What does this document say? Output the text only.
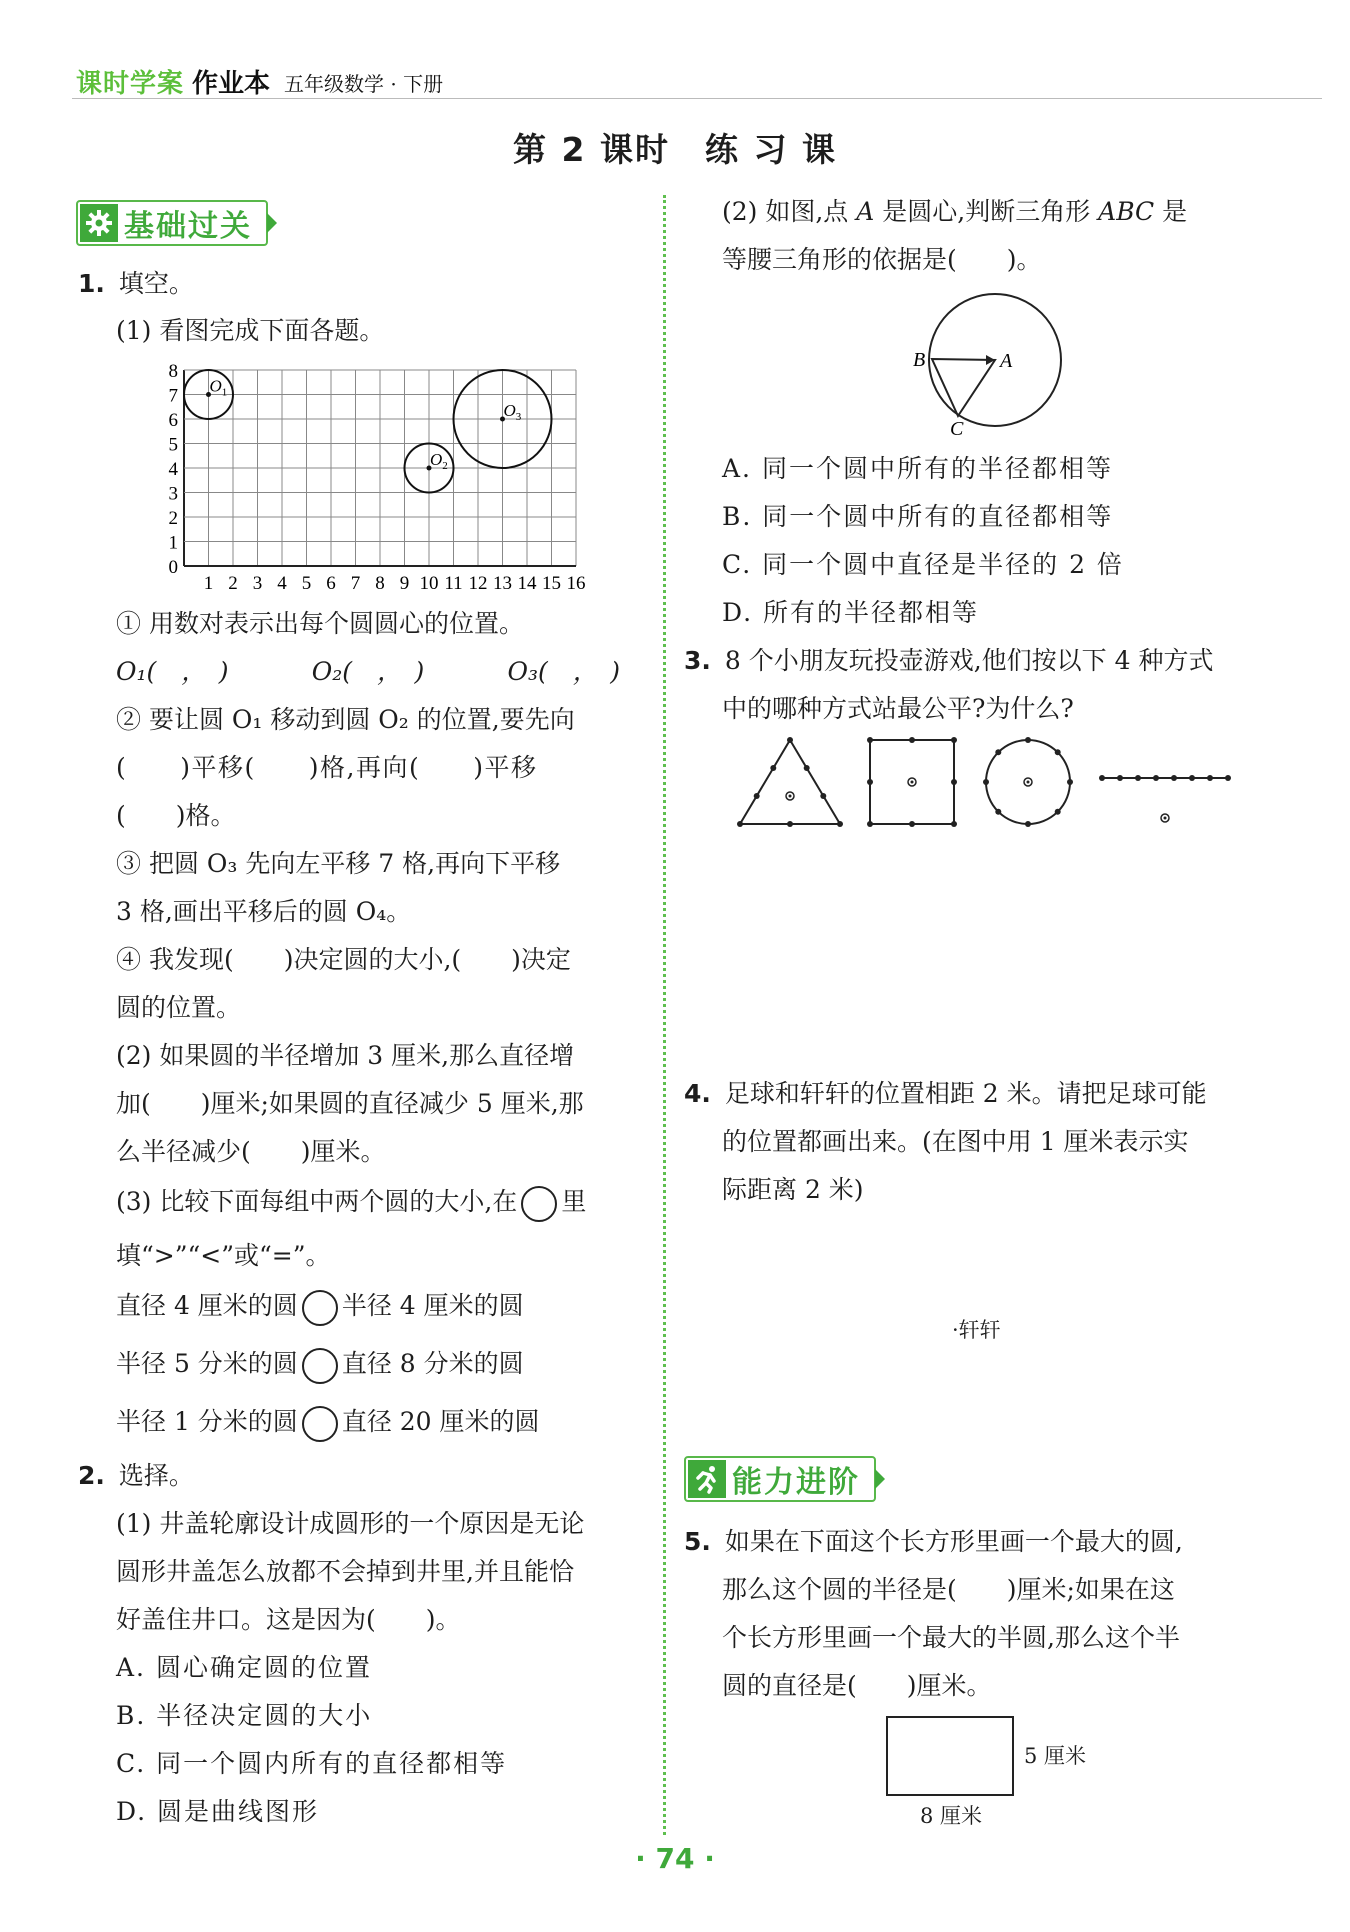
课时学案 作业本 五年级数学 · 下册
第 2 课时　练 习 课
基础过关
1. 填空。
(1) 看图完成下面各题。
0
1
2
3
4
5
6
7
8
1 2 3 4 5 6 7 8 9 10 11 12 13 14 15 16
$O_1$
$O_2$
$O_3$
① 用数对表示出每个圆圆心的位置。
O₁(　，　)	O₂(　，　)	O₃(　，　)
② 要让圆 O₁ 移动到圆 O₂ 的位置,要先向
(　　)平移(　　)格,再向(　　)平移
(　　)格。
③ 把圆 O₃ 先向左平移 7 格,再向下平移
3 格,画出平移后的圆 O₄。
④ 我发现(　　)决定圆的大小,(　　)决定
圆的位置。
(2) 如果圆的半径增加 3 厘米,那么直径增
加(　　)厘米;如果圆的直径减少 5 厘米,那
么半径减少(　　)厘米。
(3) 比较下面每组中两个圆的大小,在 里
填“>”“<”或“=”。
直径 4 厘米的圆 半径 4 厘米的圆
半径 5 分米的圆 直径 8 分米的圆
半径 1 分米的圆 直径 20 厘米的圆
2. 选择。
(1) 井盖轮廓设计成圆形的一个原因是无论
圆形井盖怎么放都不会掉到井里,并且能恰
好盖住井口。这是因为(　　)。
A. 圆心确定圆的位置
B. 半径决定圆的大小
C. 同一个圆内所有的直径都相等
D. 圆是曲线图形
(2) 如图,点 A 是圆心,判断三角形 ABC 是
等腰三角形的依据是(　　)。
B	A
C
A. 同一个圆中所有的半径都相等
B. 同一个圆中所有的直径都相等
C. 同一个圆中直径是半径的 2 倍
D. 所有的半径都相等
3. 8 个小朋友玩投壶游戏,他们按以下 4 种方式
中的哪种方式站最公平?为什么?
4. 足球和轩轩的位置相距 2 米。请把足球可能
的位置都画出来。(在图中用 1 厘米表示实
际距离 2 米)
·轩轩
能力进阶
5. 如果在下面这个长方形里画一个最大的圆,
那么这个圆的半径是(　　)厘米;如果在这
个长方形里画一个最大的半圆,那么这个半
圆的直径是(　　)厘米。
5 厘米
8 厘米
· 74 ·
